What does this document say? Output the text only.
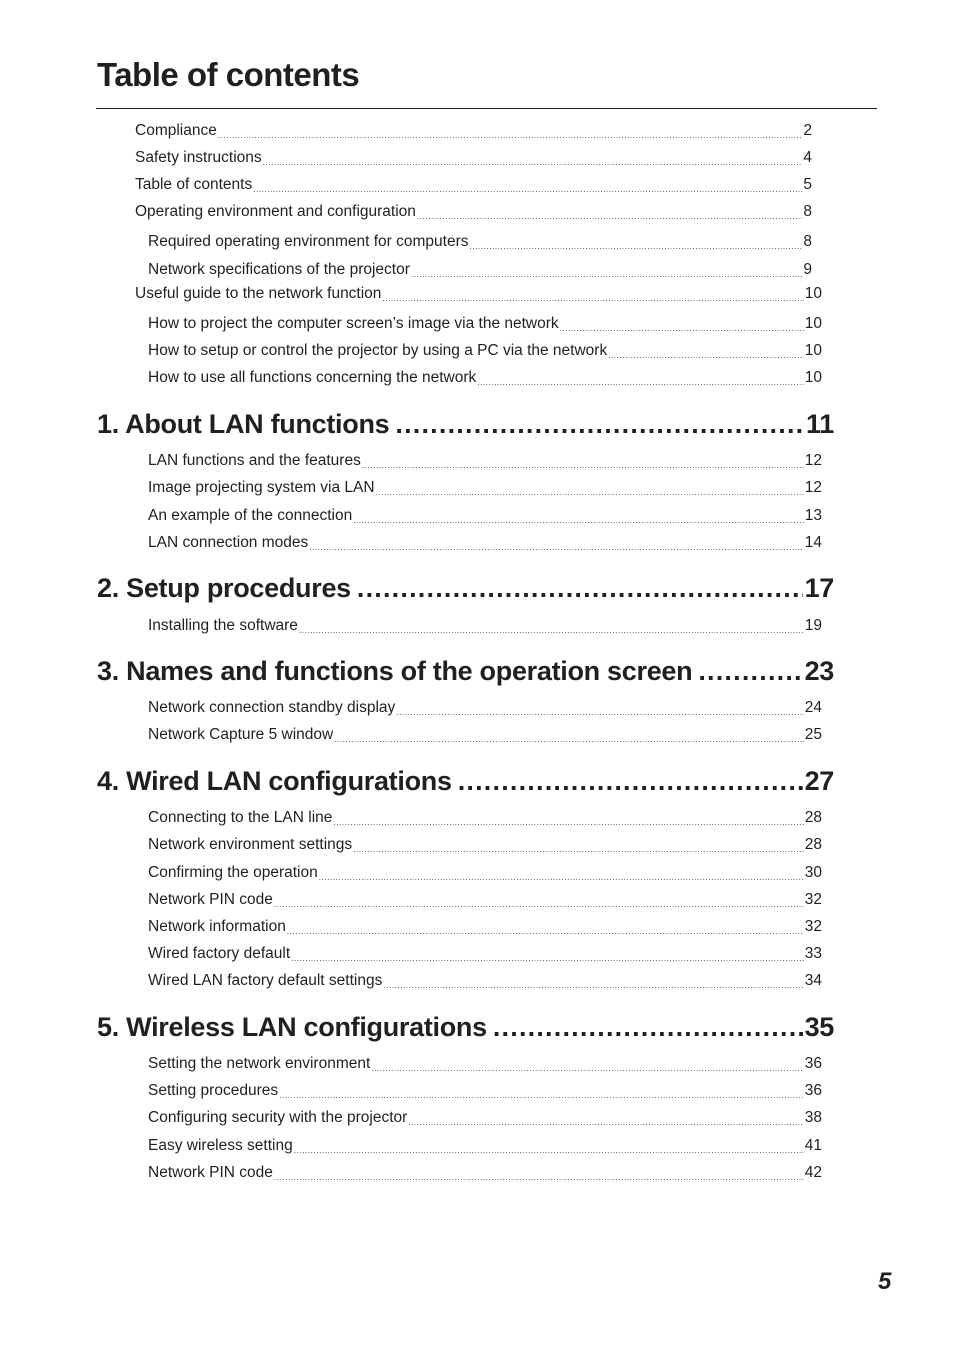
Table of contents
Compliance .....	2
Safety instructions .....	4
Table of contents .....	5
Operating environment and configuration .....	8
Required operating environment for computers .....	8
Network specifications of the projector .....	9
Useful guide to the network function .....	10
How to project the computer screen’s image via the network .....	10
How to setup or control the projector by using a PC via the network .....	10
How to use all functions concerning the network .....	10
1. About LAN functions .....	11
LAN functions and the features .....	12
Image projecting system via LAN .....	12
An example of the connection .....	13
LAN connection modes .....	14
2. Setup procedures .....	17
Installing the software .....	19
3. Names and functions of the operation screen .....	23
Network connection standby display .....	24
Network Capture 5 window .....	25
4. Wired LAN configurations .....	27
Connecting to the LAN line .....	28
Network environment settings .....	28
Confirming the operation .....	30
Network PIN code .....	32
Network information .....	32
Wired factory default .....	33
Wired LAN factory default settings .....	34
5. Wireless LAN configurations .....	35
Setting the network environment .....	36
Setting procedures .....	36
Configuring security with the projector .....	38
Easy wireless setting .....	41
Network PIN code .....	42
5
